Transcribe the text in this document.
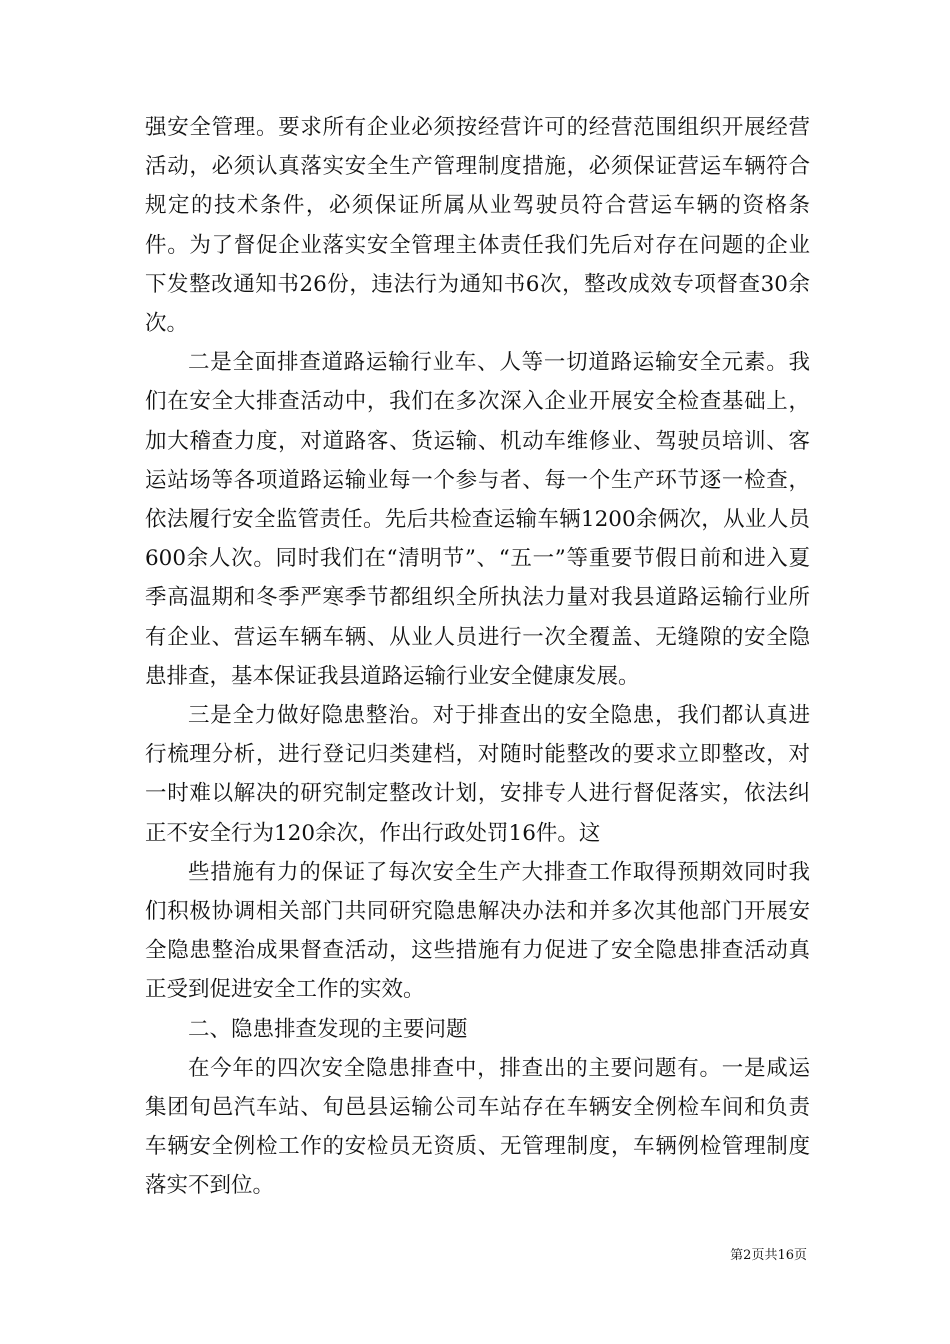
强安全管理。要求所有企业必须按经营许可的经营范围组织开展经营活动，必须认真落实安全生产管理制度措施，必须保证营运车辆符合规定的技术条件，必须保证所属从业驾驶员符合营运车辆的资格条件。为了督促企业落实安全管理主体责任我们先后对存在问题的企业下发整改通知书26份，违法行为通知书6次，整改成效专项督查30余次。

二是全面排查道路运输行业车、人等一切道路运输安全元素。我们在安全大排查活动中，我们在多次深入企业开展安全检查基础上，加大稽查力度，对道路客、货运输、机动车维修业、驾驶员培训、客运站场等各项道路运输业每一个参与者、每一个生产环节逐一检查，依法履行安全监管责任。先后共检查运输车辆1200余俩次，从业人员600余人次。同时我们在“清明节”、“五一”等重要节假日前和进入夏季高温期和冬季严寒季节都组织全所执法力量对我县道路运输行业所有企业、营运车辆车辆、从业人员进行一次全覆盖、无缝隙的安全隐患排查，基本保证我县道路运输行业安全健康发展。

三是全力做好隐患整治。对于排查出的安全隐患，我们都认真进行梳理分析，进行登记归类建档，对随时能整改的要求立即整改，对一时难以解决的研究制定整改计划，安排专人进行督促落实，依法纠正不安全行为120余次，作出行政处罚16件。这

些措施有力的保证了每次安全生产大排查工作取得预期效同时我们积极协调相关部门共同研究隐患解决办法和并多次其他部门开展安全隐患整治成果督查活动，这些措施有力促进了安全隐患排查活动真正受到促进安全工作的实效。

二、隐患排查发现的主要问题

在今年的四次安全隐患排查中，排查出的主要问题有。一是咸运集团旬邑汽车站、旬邑县运输公司车站存在车辆安全例检车间和负责车辆安全例检工作的安检员无资质、无管理制度，车辆例检管理制度落实不到位。

第2页共16页
